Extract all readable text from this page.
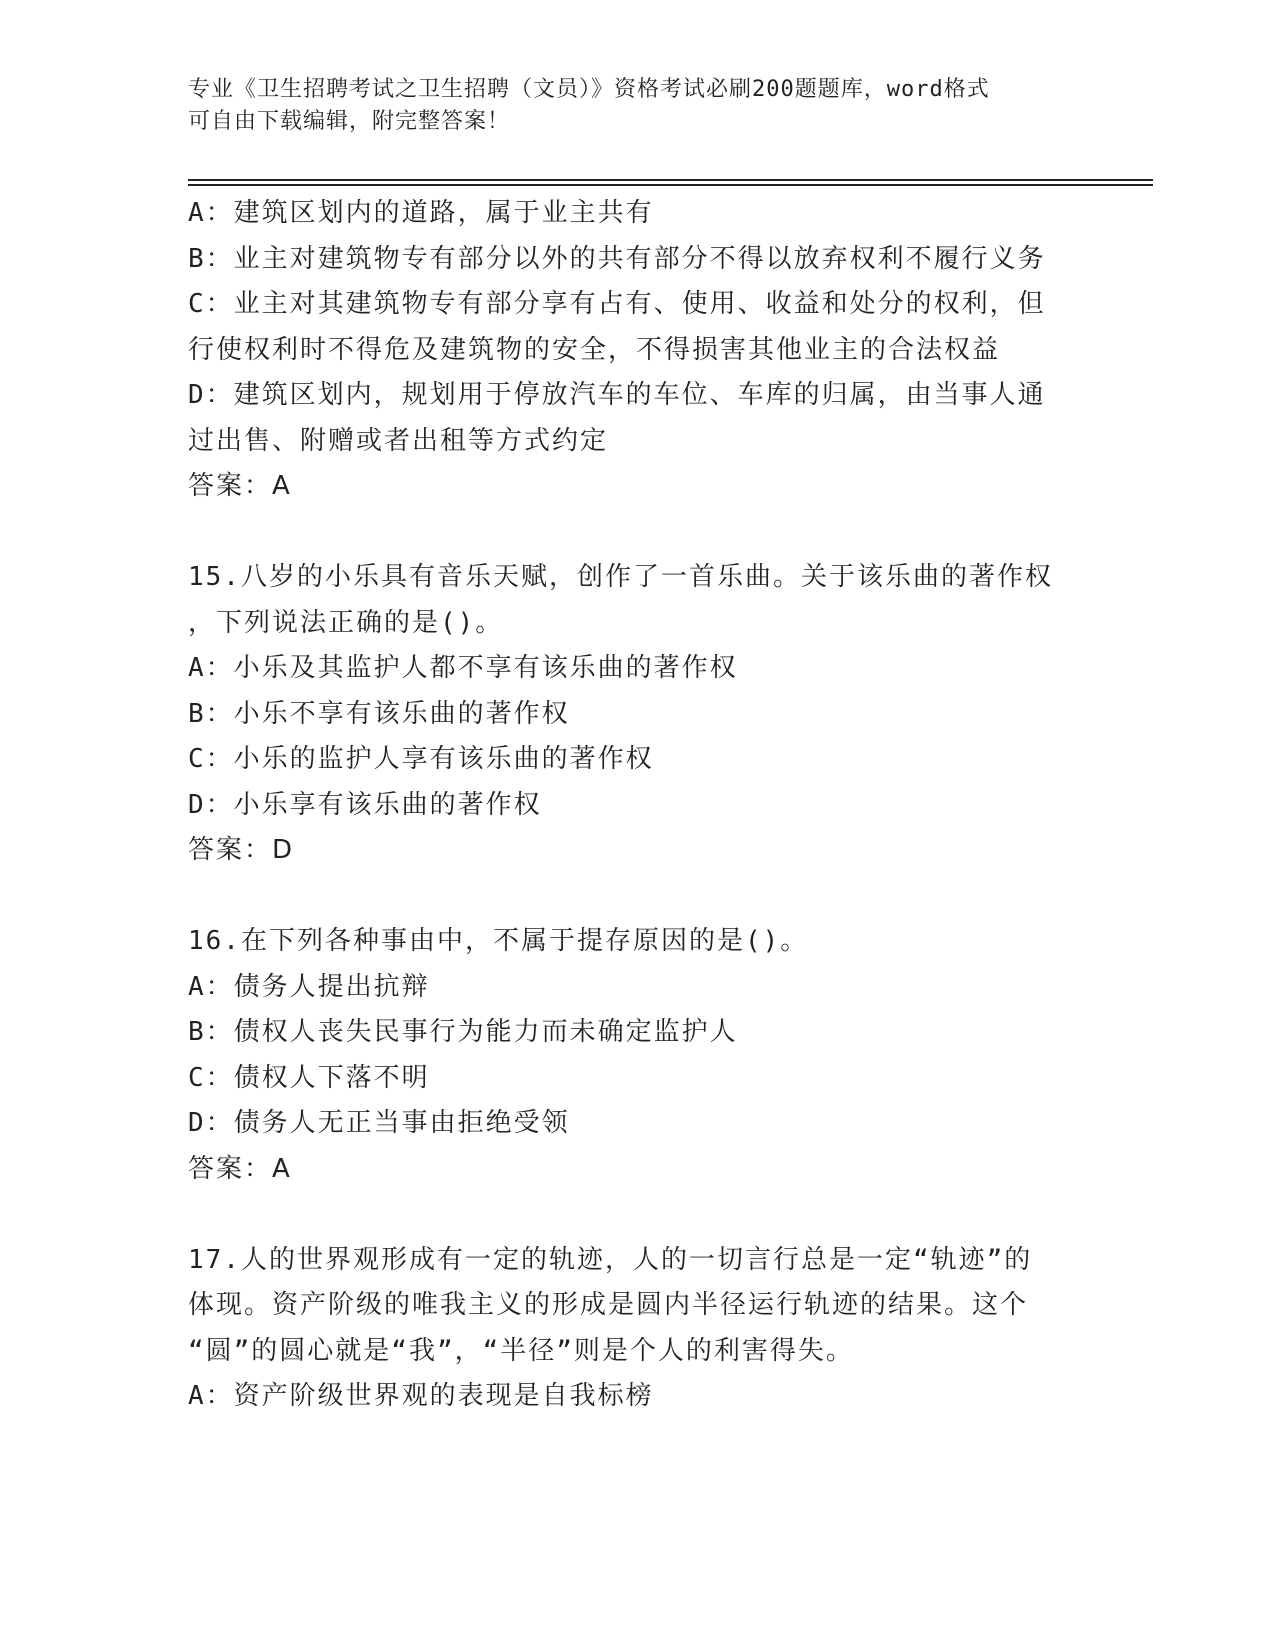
专业《卫生招聘考试之卫生招聘（文员）》资格考试必刷200题题库，word格式
可自由下载编辑，附完整答案！

A：建筑区划内的道路，属于业主共有

B：业主对建筑物专有部分以外的共有部分不得以放弃权利不履行义务

C：业主对其建筑物专有部分享有占有、使用、收益和处分的权利，但

行使权利时不得危及建筑物的安全，不得损害其他业主的合法权益

D：建筑区划内，规划用于停放汽车的车位、车库的归属，由当事人通

过出售、附赠或者出租等方式约定

答案：A

15.八岁的小乐具有音乐天赋，创作了一首乐曲。关于该乐曲的著作权

，下列说法正确的是()。

A：小乐及其监护人都不享有该乐曲的著作权

B：小乐不享有该乐曲的著作权

C：小乐的监护人享有该乐曲的著作权

D：小乐享有该乐曲的著作权

答案：D

16.在下列各种事由中，不属于提存原因的是()。

A：债务人提出抗辩

B：债权人丧失民事行为能力而未确定监护人

C：债权人下落不明

D：债务人无正当事由拒绝受领

答案：A

17.人的世界观形成有一定的轨迹，人的一切言行总是一定“轨迹”的

体现。资产阶级的唯我主义的形成是圆内半径运行轨迹的结果。这个

“圆”的圆心就是“我”，“半径”则是个人的利害得失。

A：资产阶级世界观的表现是自我标榜
